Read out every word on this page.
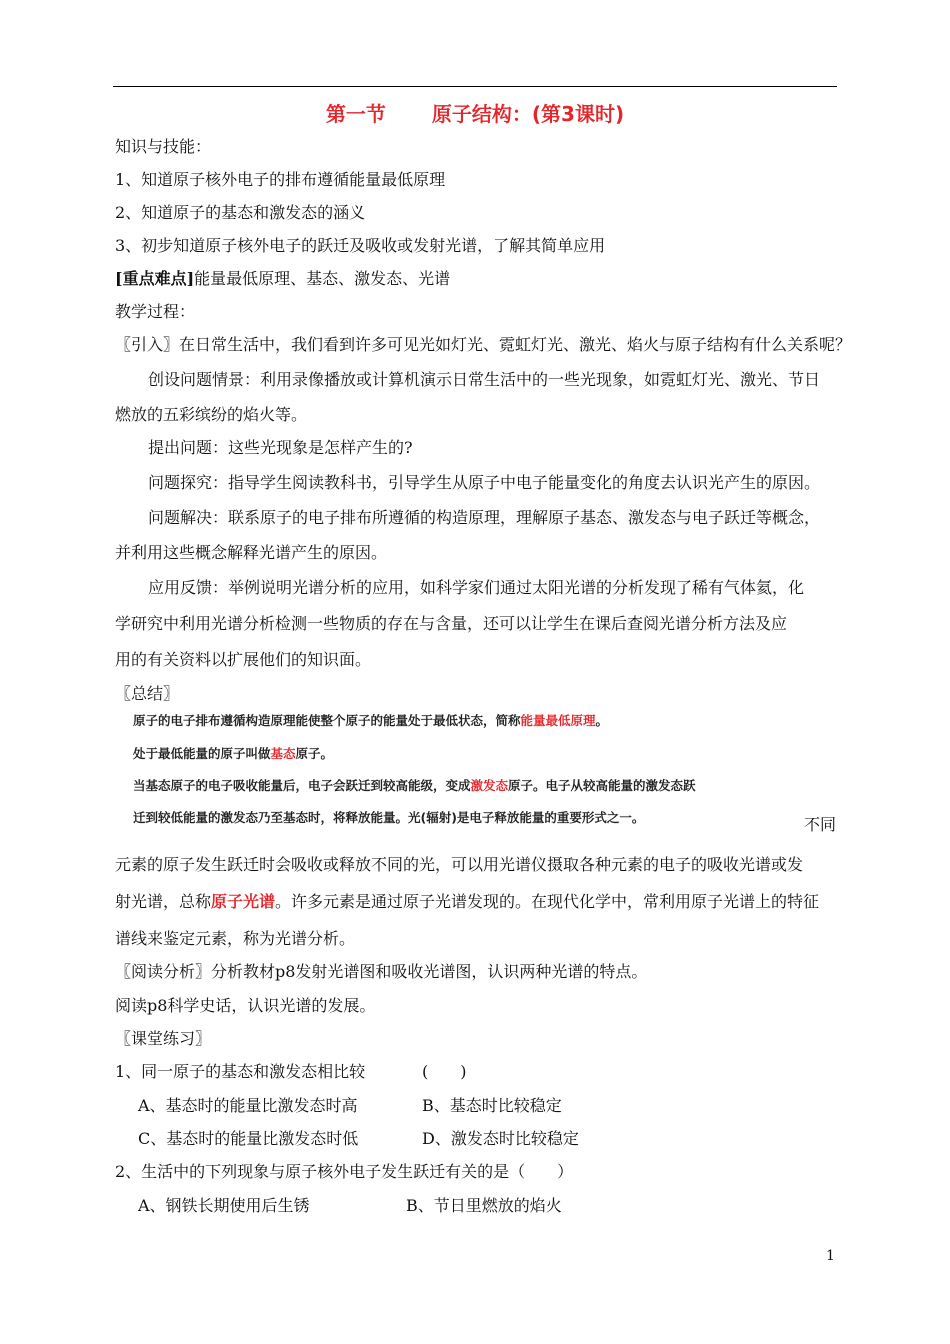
第一节 原子结构：(第3课时)
知识与技能：
1、知道原子核外电子的排布遵循能量最低原理
2、知道原子的基态和激发态的涵义
3、初步知道原子核外电子的跃迁及吸收或发射光谱，了解其简单应用
[重点难点]能量最低原理、基态、激发态、光谱
教学过程：
〖引入〗在日常生活中，我们看到许多可见光如灯光、霓虹灯光、激光、焰火与原子结构有什么关系呢？
创设问题情景：利用录像播放或计算机演示日常生活中的一些光现象，如霓虹灯光、激光、节日
燃放的五彩缤纷的焰火等。
提出问题：这些光现象是怎样产生的?
问题探究：指导学生阅读教科书，引导学生从原子中电子能量变化的角度去认识光产生的原因。
问题解决：联系原子的电子排布所遵循的构造原理，理解原子基态、激发态与电子跃迁等概念，
并利用这些概念解释光谱产生的原因。
应用反馈：举例说明光谱分析的应用，如科学家们通过太阳光谱的分析发现了稀有气体氦，化
学研究中利用光谱分析检测一些物质的存在与含量，还可以让学生在课后查阅光谱分析方法及应
用的有关资料以扩展他们的知识面。
〖总结〗
原子的电子排布遵循构造原理能使整个原子的能量处于最低状态，简称能量最低原理。
处于最低能量的原子叫做基态原子。
当基态原子的电子吸收能量后，电子会跃迁到较高能级，变成激发态原子。电子从较高能量的激发态跃
迁到较低能量的激发态乃至基态时，将释放能量。光(辐射)是电子释放能量的重要形式之一。	不同
元素的原子发生跃迁时会吸收或释放不同的光，可以用光谱仪摄取各种元素的电子的吸收光谱或发
射光谱，总称原子光谱。许多元素是通过原子光谱发现的。在现代化学中，常利用原子光谱上的特征
谱线来鉴定元素，称为光谱分析。
〖阅读分析〗分析教材p8发射光谱图和吸收光谱图，认识两种光谱的特点。
阅读p8科学史话，认识光谱的发展。
〖课堂练习〗
1、同一原子的基态和激发态相比较	(　　)
A、基态时的能量比激发态时高	B、基态时比较稳定
C、基态时的能量比激发态时低	D、激发态时比较稳定
2、生活中的下列现象与原子核外电子发生跃迁有关的是（　　）
A、钢铁长期使用后生锈	B、节日里燃放的焰火
1
